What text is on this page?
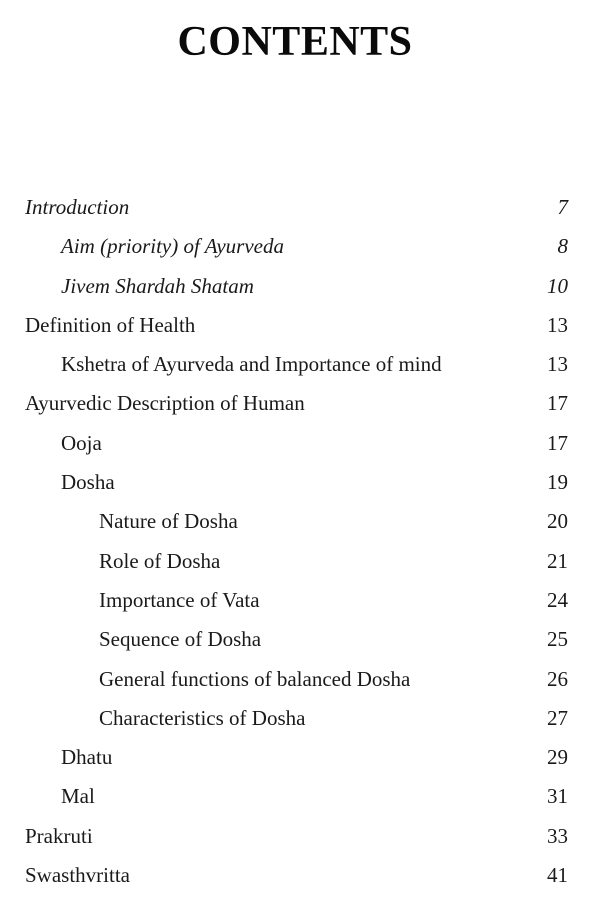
CONTENTS
Introduction	7
Aim (priority) of Ayurveda	8
Jivem Shardah Shatam	10
Definition of Health	13
Kshetra of Ayurveda and Importance of mind	13
Ayurvedic Description of Human	17
Ooja	17
Dosha	19
Nature of Dosha	20
Role of Dosha	21
Importance of Vata	24
Sequence of Dosha	25
General functions of balanced Dosha	26
Characteristics of Dosha	27
Dhatu	29
Mal	31
Prakruti	33
Swasthvritta	41
